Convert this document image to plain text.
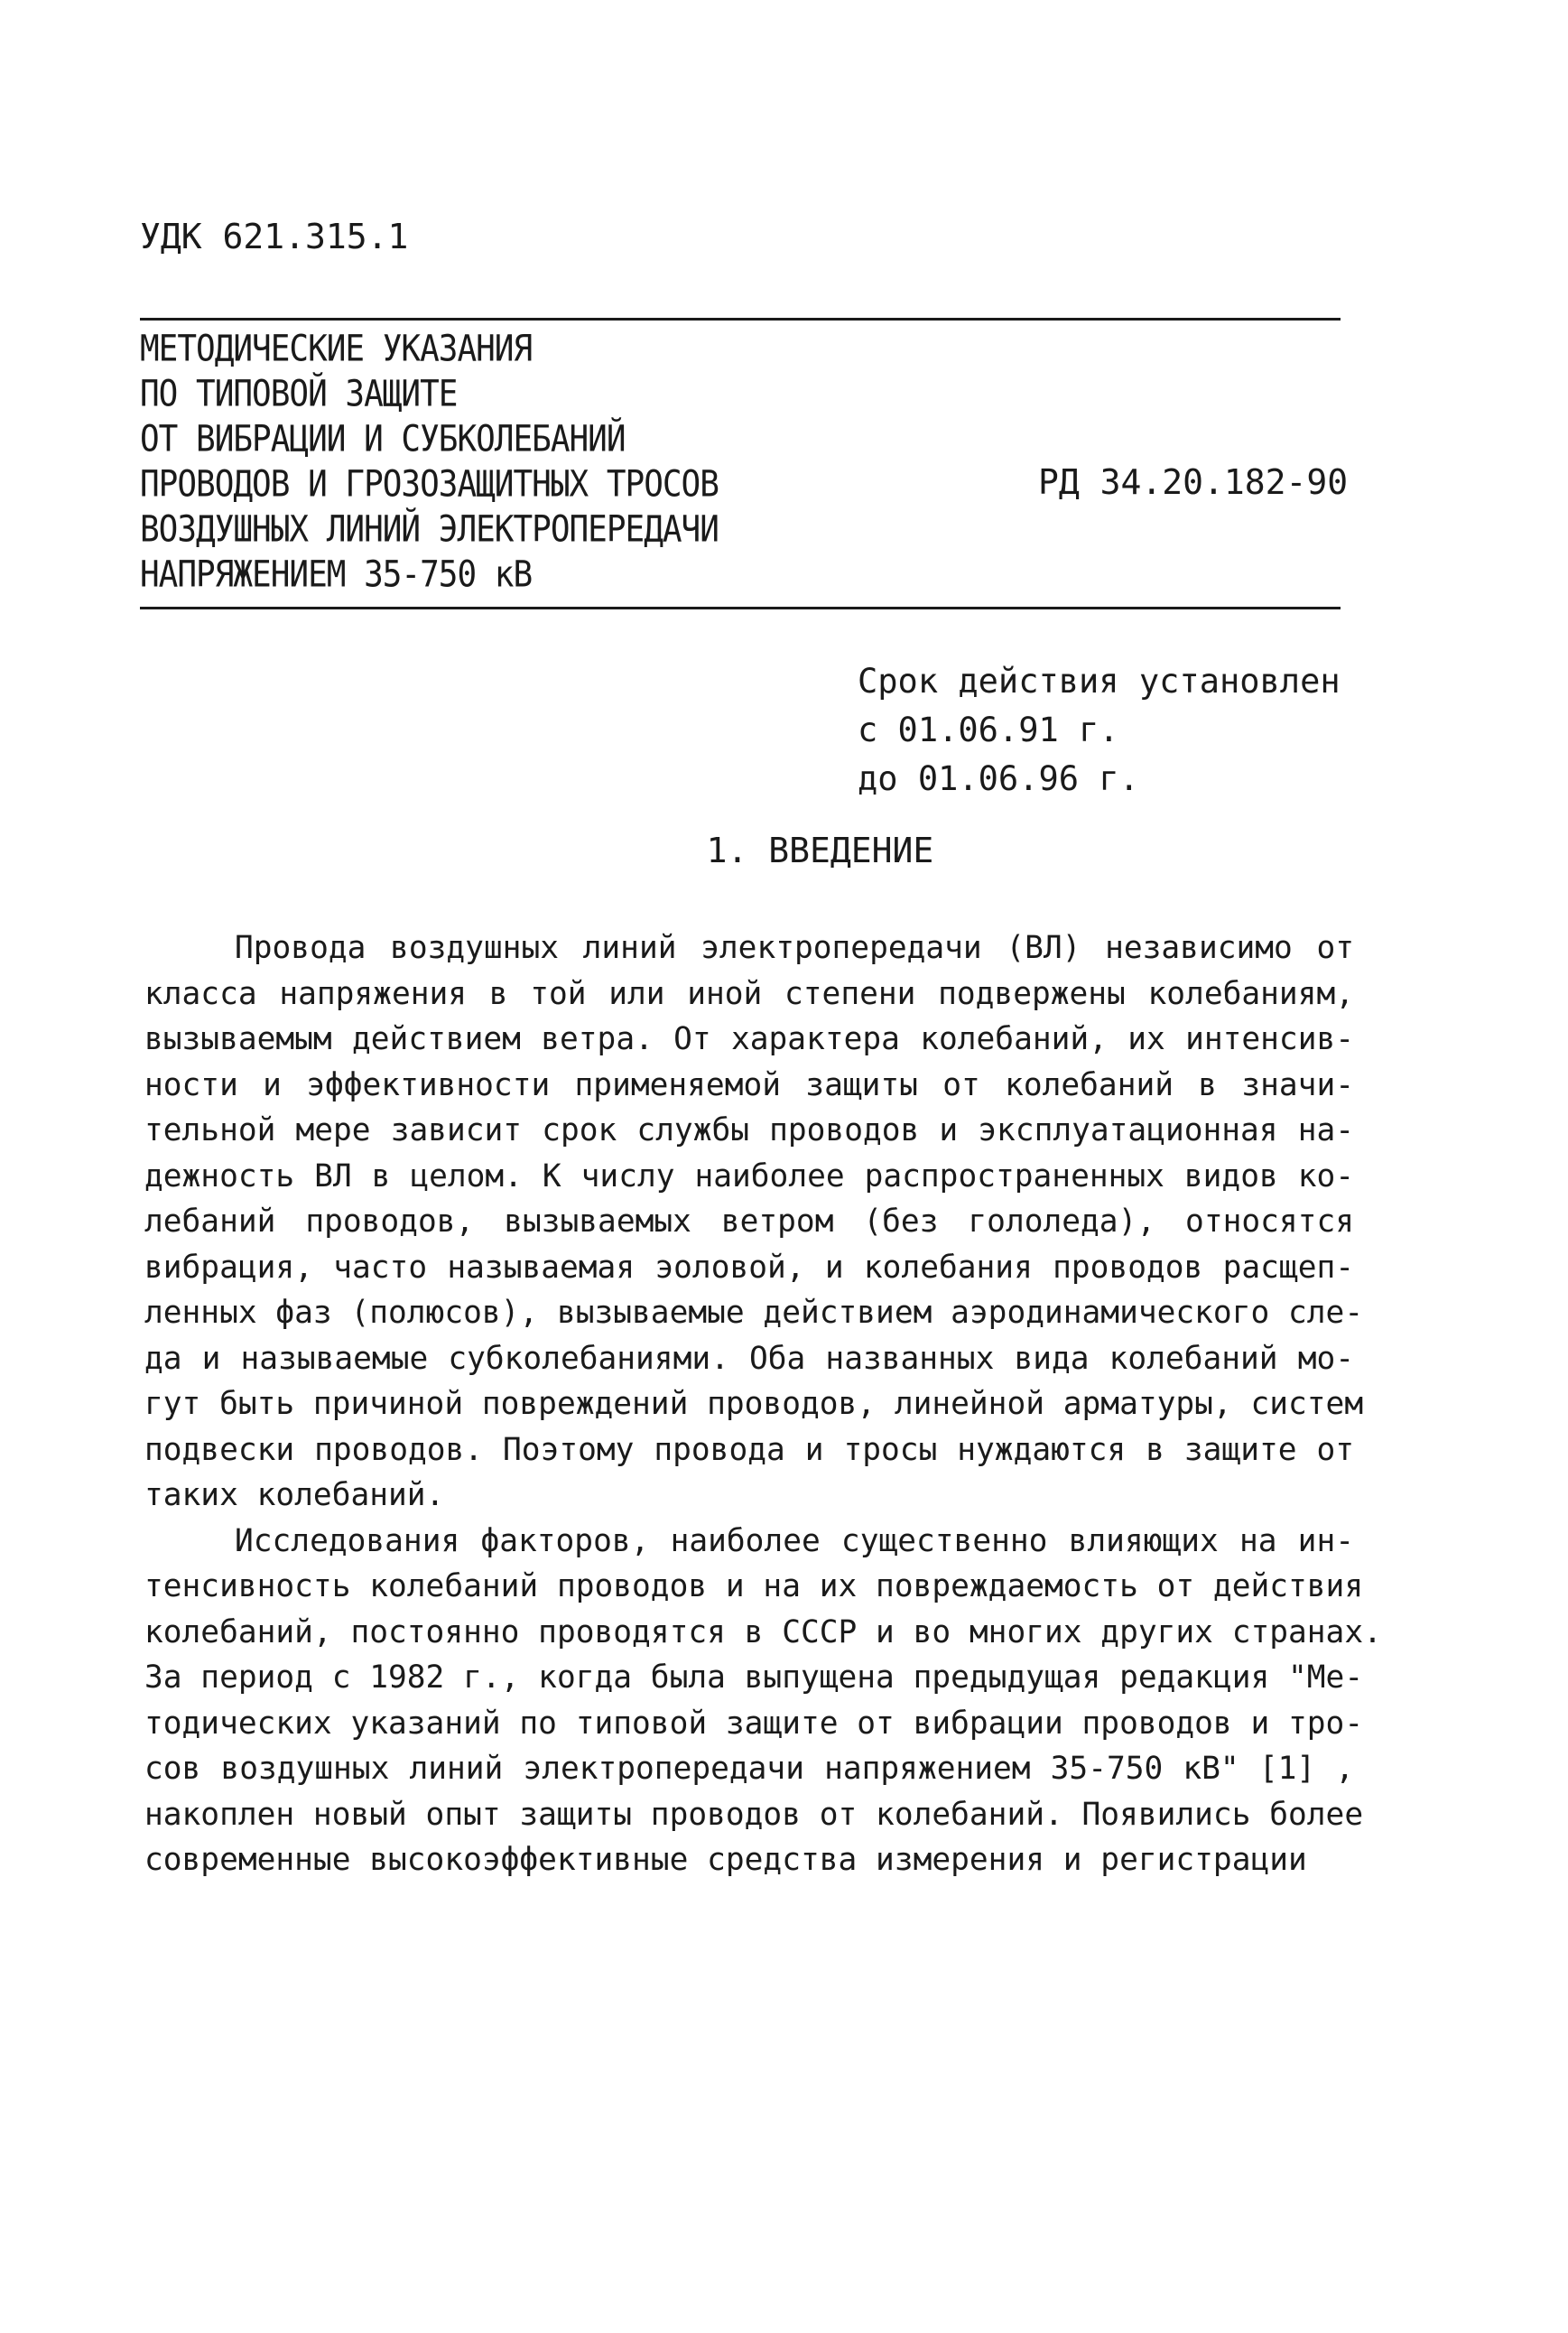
УДК 621.315.1
МЕТОДИЧЕСКИЕ УКАЗАНИЯ
ПО ТИПОВОЙ ЗАЩИТЕ
ОТ ВИБРАЦИИ И СУБКОЛЕБАНИЙ
ПРОВОДОВ И ГРОЗОЗАЩИТНЫХ ТРОСОВ
ВОЗДУШНЫХ ЛИНИЙ ЭЛЕКТРОПЕРЕДАЧИ
НАПРЯЖЕНИЕМ 35-750 кВ
РД 34.20.182-90
Срок действия установлен
с 01.06.91 г.
до 01.06.96 г.
1. ВВЕДЕНИЕ
Провода воздушных линий электропередачи (ВЛ) независимо от
класса напряжения в той или иной степени подвержены колебаниям,
вызываемым действием ветра. От характера колебаний, их интенсив-
ности и эффективности применяемой защиты от колебаний в значи-
тельной мере зависит срок службы проводов и эксплуатационная на-
дежность ВЛ в целом. К числу наиболее распространенных видов ко-
лебаний проводов, вызываемых ветром (без гололеда), относятся
вибрация, часто называемая эоловой, и колебания проводов расщеп-
ленных фаз (полюсов), вызываемые действием аэродинамического сле-
да и называемые субколебаниями. Оба названных вида колебаний мо-
гут быть причиной повреждений проводов, линейной арматуры, систем
подвески проводов. Поэтому провода и тросы нуждаются в защите от
таких колебаний.
Исследования факторов, наиболее существенно влияющих на ин-
тенсивность колебаний проводов и на их повреждаемость от действия
колебаний, постоянно проводятся в СССР и во многих других странах.
За период с 1982 г., когда была выпущена предыдущая редакция "Ме-
тодических указаний по типовой защите от вибрации проводов и тро-
сов воздушных линий электропередачи напряжением 35-750 кВ" [1] ,
накоплен новый опыт защиты проводов от колебаний. Появились более
современные высокоэффективные средства измерения и регистрации
